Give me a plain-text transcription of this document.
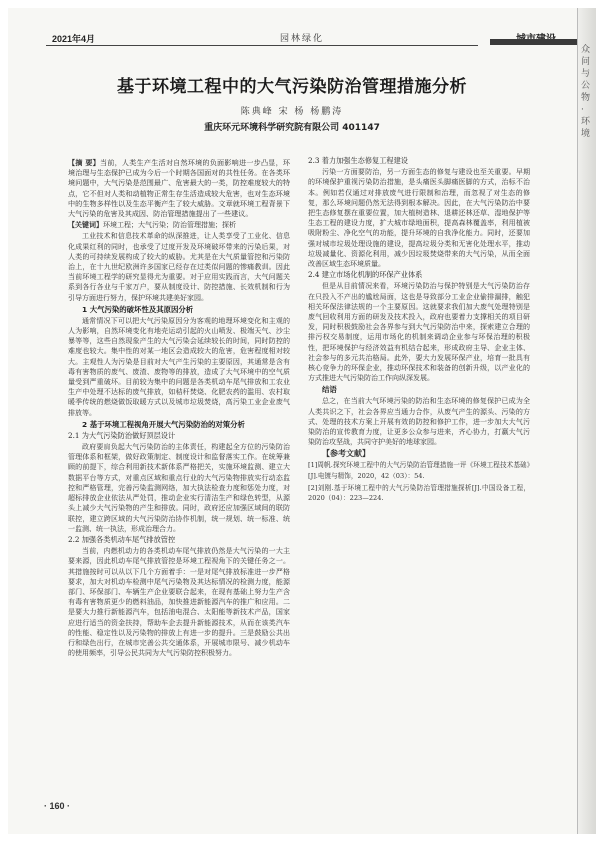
2021年4月	园林绿化
众问与 公物 · 环境
基于环境工程中的大气污染防治管理措施分析
陈典峰 宋 杨 杨鹏涛
重庆环元环境科学研究院有限公司 401147

【摘 要】当前，人类生产生活对自然环境的负面影响进一步凸显，环境治理与生态保护已成为今后一个时期各国面对的共性任务。在各类环境问题中，大气污染是范围最广、危害最大的一类，防控难度较大的特点，它不但对人类和动植物正常生存生活造成较大危害，也对生态环境中的生物多样性以及生态平衡产生了较大威胁。文章就环境工程背景下大气污染的危害及其成因、防治管理措施提出了一些建议。

【关键词】环境工程；大气污染；防治管理措施；探析

工业技术和信息技术革命的纵深推进，让人类享受了工业化、信息化成果红利的同时，也承受了过度开发及环境破坏带来的污染后果，对人类的可持续发展构成了较大的威胁。尤其是在大气质量管控和污染防治上，在十九世纪欧洲许多国家已经存在过类似问题的惨痛教训。因此当前环境工程学的研究显得尤为重要。对于应用实践而言，大气问题关系到各行各业与千家万户，要从制度设计、防控措施、长效机制和行为引导方面进行努力，保护环境共建美好家园。

1 大气污染的破坏性及其原因分析

通常情况下可以把大气污染原因分为客观的地理环境变化和主观的人为影响，自然环境变化有地壳运动引起的火山喷发、极端天气、沙尘暴等等，这些自然现象产生的大气污染会延续较长的时间，同时防控的难度也较大。集中性的对某一地区会造成较大的危害，危害程度相对较大。主观性人为污染是目前对大气产生污染的主要原因，其通常是含有毒有害物质的废气、废渣、废物等的排放，造成了大气环境中的空气质量受到严重破坏。目前较为集中的问题是各类机动车尾气排放和工农业生产中处理不达标的废气排放，如秸秆焚烧、化肥农药的滥用、农村取暖季传统的燃烧做饭取暖方式以及城市垃圾焚烧，高污染工业企业废气排放等。

2 基于环境工程视角开展大气污染防治的对策分析

2.1 为大气污染防治做好顶层设计

政府要肩负起大气污染防治的主体责任，构建起全方位的污染防治管理体系和框架，做好政策制定、制度设计和监督落实工作。在统筹兼顾的前提下，综合利用新技术新体系严格把关，实施环境监测、建立大数据平台等方式，对重点区域和重点行业的大气污染物排放实行动态监控和严格管理，完善污染监测网络，加大执法检查力度和惩处力度，对超标排放企业依法从严处罚，推动企业实行清洁生产和绿色转型，从源头上减少大气污染物的产生和排放。同时，政府还应加强区域间的联防联控，建立跨区域的大气污染防治协作机制，统一规划、统一标准、统一监测、统一执法，形成治理合力。

2.2 加强各类机动车尾气排放管控

当前，内燃机动力的各类机动车尾气排放仍然是大气污染的一大主要来源，因此机动车尾气排放管控是环境工程视角下的关键任务之一。其措施按时可以从以下几个方面着手：一是对尾气排放标准进一步严格要求，加大对机动车检测中尾气污染物及其达标情况的检测力度，能源部门、环保部门、车辆生产企业要联合起来，在现有基础上努力生产含有毒有害物质更少的燃料油品，加快推进新能源汽车的推广和应用。二是要大力推行新能源汽车，包括油电混合、太阳能等新技术产品，国家应进行适当的资金扶持，帮助车企去提升新能源技术，从而在该类汽车的性能、稳定性以及污染物的排放上有进一步的提升。三是鼓励公共出行和绿色出行，在城市完善公共交通体系，开展城市限号、减少机动车的使用频率，引导公民共同为大气污染防控积极努力。

2.3 着力加强生态修复工程建设

污染一方面要防治，另一方面生态的修复与建设也至关重要。早期的环境保护重视污染防治措施，是头痛医头脚痛医脚的方式，治标不治本。例如若仅通过对排放废气进行限制和治理，而忽视了对生态的修复，那么环境问题仍然无法得到根本解决。因此，在大气污染防治中要把生态修复摆在重要位置，加大植树造林、退耕还林还草、湿地保护等生态工程的建设力度，扩大城市绿地面积，提高森林覆盖率，利用植被吸附粉尘、净化空气的功能，提升环境的自我净化能力。同时，还要加强对城市垃圾处理设施的建设，提高垃圾分类和无害化处理水平，推动垃圾减量化、资源化利用，减少因垃圾焚烧带来的大气污染，从而全面改善区域生态环境质量。

2.4 建立市场化机制的环保产业体系

但是从目前情况来看，环境污染防治与保护特别是大气污染防治存在只投入不产出的尴尬局面，这也是导致部分工业企业偷排漏排，触犯相关环保法律法规的一个主要原因。这就要求我们加大废气处理特别是废气回收利用方面的研发及技术投入，政府也要着力支撑相关的项目研发，同时积极鼓励社会各界参与到大气污染防治中来，探索建立合理的排污权交易制度，运用市场化的机制来调动企业参与环保治理的积极性，把环境保护与经济效益有机结合起来，形成政府主导、企业主体、社会参与的多元共治格局。此外，要大力发展环保产业，培育一批具有核心竞争力的环保企业，推动环保技术和装备的创新升级，以产业化的方式推进大气污染防治工作向纵深发展。

结语

总之，在当前大气环境污染的防治和生态环境的修复保护已成为全人类共识之下，社会各界应当通力合作，从废气产生的源头、污染的方式、处理的技术方案上开展有效的防控和修护工作，进一步加大大气污染防治的宣传教育力度，让更多公众参与进来，齐心协力，打赢大气污染防治攻坚战，共同守护美好的地球家园。

【参考文献】

[1]周帆.探究环境工程中的大气污染防治管理措施一评《环境工程技术基础》[J].电镀与精饰，2020，42（03）：54.

[2]刘刚.基于环境工程中的大气污染防治管理措施探析[J].中国设备工程，2020（04）：223—224.

· 160 ·
